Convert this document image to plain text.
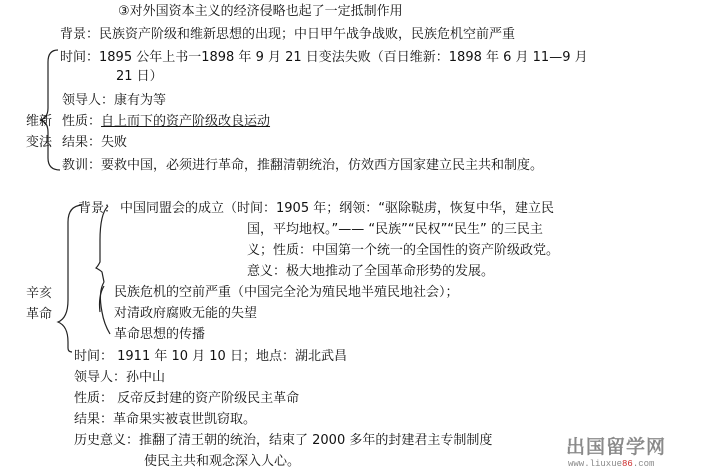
③对外国资本主义的经济侵略也起了一定抵制作用
背景：民族资产阶级和维新思想的出现；中日甲午战争战败，民族危机空前严重
时间：1895 公年上书一1898 年 9 月 21 日变法失败（百日维新：1898 年 6 月 11—9 月
21 日）
领导人：康有为等
维新 性质：自上而下的资产阶级改良运动
变法 结果：失败
教训：要救中国，必须进行革命，推翻清朝统治，仿效西方国家建立民主共和制度。
背景： 中国同盟会的成立（时间：1905 年；纲领：“驱除鞑虏，恢复中华，建立民
国，平均地权。”—— “民族”“民权”“民生” 的三民主
义；性质：中国第一个统一的全国性的资产阶级政党。
意义：极大地推动了全国革命形势的发展。
民族危机的空前严重（中国完全沦为殖民地半殖民地社会）；
辛亥
对清政府腐败无能的失望
革命
革命思想的传播
时间： 1911 年 10 月 10 日；地点：湖北武昌
领导人：孙中山
性质： 反帝反封建的资产阶级民主革命
结果：革命果实被袁世凯窃取。
历史意义：推翻了清王朝的统治，结束了 2000 多年的封建君主专制制度
使民主共和观念深入人心。
出国留学网
www.liuxue86.com
